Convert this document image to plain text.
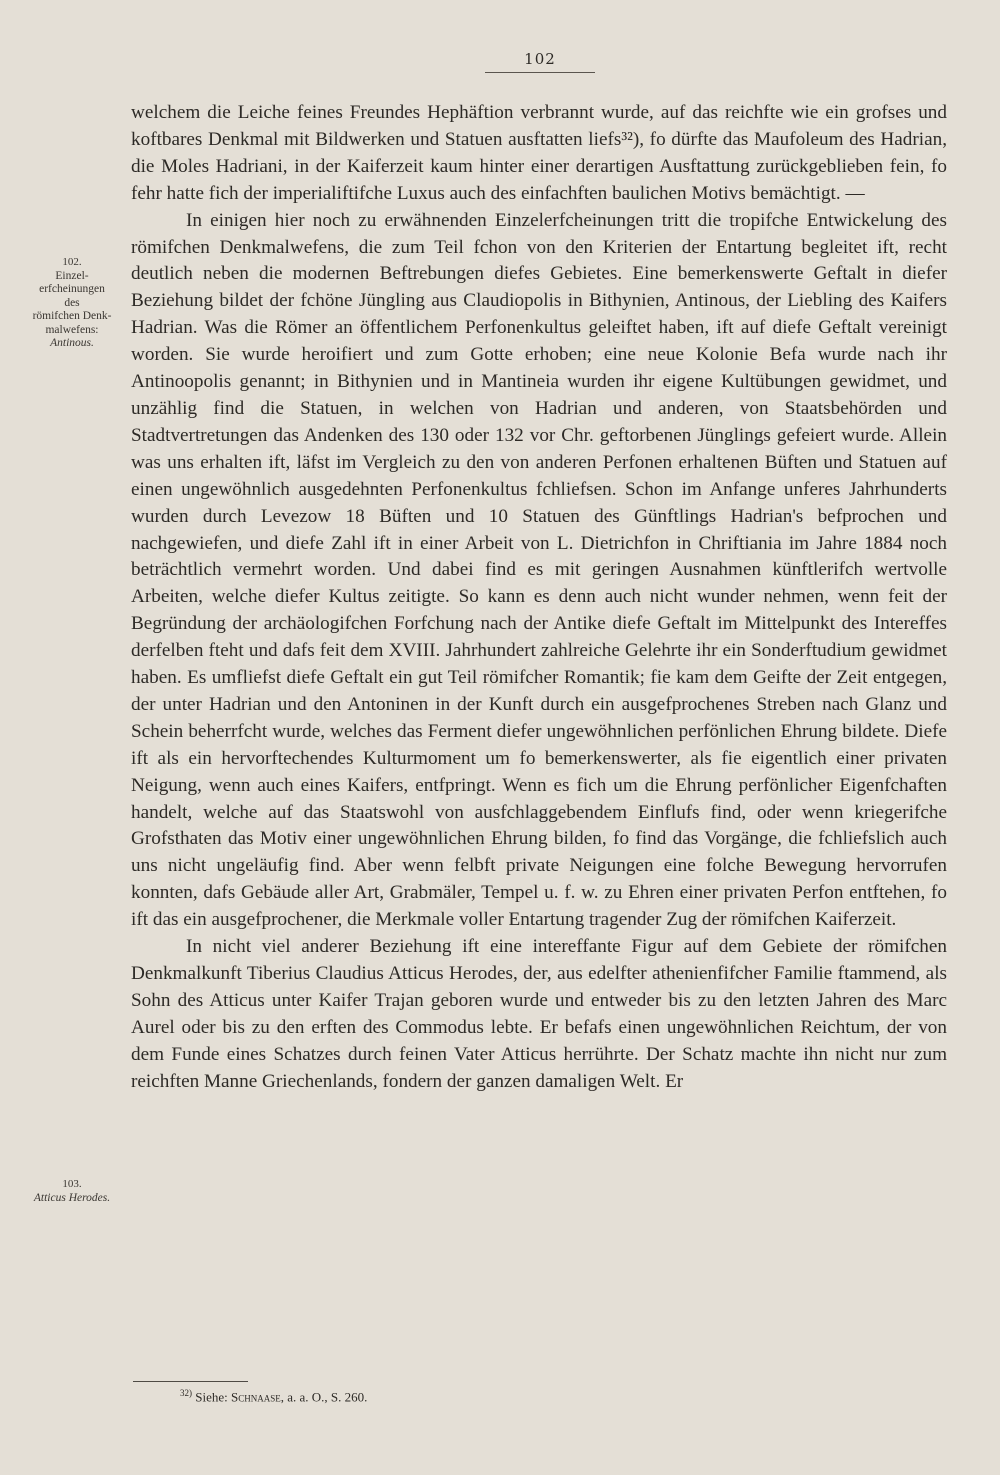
102
102.
Einzel-
erfcheinungen
des
römifchen Denk-
malwefens:
Antinous.
103.
Atticus Herodes.

welchem die Leiche feines Freundes Hephäftion verbrannt wurde, auf das reichfte wie ein grofses und koftbares Denkmal mit Bildwerken und Statuen ausftatten liefs³²), fo dürfte das Maufoleum des Hadrian, die Moles Hadriani, in der Kaiferzeit kaum hinter einer derartigen Ausftattung zurückgeblieben fein, fo fehr hatte fich der imperialiftifche Luxus auch des einfachften baulichen Motivs bemächtigt. —

In einigen hier noch zu erwähnenden Einzelerfcheinungen tritt die tropifche Entwickelung des römifchen Denkmalwefens, die zum Teil fchon von den Kriterien der Entartung begleitet ift, recht deutlich neben die modernen Beftrebungen diefes Gebietes. Eine bemerkenswerte Geftalt in diefer Beziehung bildet der fchöne Jüngling aus Claudiopolis in Bithynien, Antinous, der Liebling des Kaifers Hadrian. Was die Römer an öffentlichem Perfonenkultus geleiftet haben, ift auf diefe Geftalt vereinigt worden. Sie wurde heroifiert und zum Gotte erhoben; eine neue Kolonie Befa wurde nach ihr Antinoopolis genannt; in Bithynien und in Mantineia wurden ihr eigene Kultübungen gewidmet, und unzählig find die Statuen, in welchen von Hadrian und anderen, von Staatsbehörden und Stadtvertretungen das Andenken des 130 oder 132 vor Chr. geftorbenen Jünglings gefeiert wurde. Allein was uns erhalten ift, läfst im Vergleich zu den von anderen Perfonen erhaltenen Büften und Statuen auf einen ungewöhnlich ausgedehnten Perfonenkultus fchliefsen. Schon im Anfange unferes Jahrhunderts wurden durch Levezow 18 Büften und 10 Statuen des Günftlings Hadrian's befprochen und nachgewiefen, und diefe Zahl ift in einer Arbeit von L. Dietrichfon in Chriftiania im Jahre 1884 noch beträchtlich vermehrt worden. Und dabei find es mit geringen Ausnahmen künftlerifch wertvolle Arbeiten, welche diefer Kultus zeitigte. So kann es denn auch nicht wunder nehmen, wenn feit der Begründung der archäologifchen Forfchung nach der Antike diefe Geftalt im Mittelpunkt des Intereffes derfelben fteht und dafs feit dem XVIII. Jahrhundert zahlreiche Gelehrte ihr ein Sonderftudium gewidmet haben. Es umfliefst diefe Geftalt ein gut Teil römifcher Romantik; fie kam dem Geifte der Zeit entgegen, der unter Hadrian und den Antoninen in der Kunft durch ein ausgefprochenes Streben nach Glanz und Schein beherrfcht wurde, welches das Ferment diefer ungewöhnlichen perfönlichen Ehrung bildete. Diefe ift als ein hervorftechendes Kulturmoment um fo bemerkenswerter, als fie eigentlich einer privaten Neigung, wenn auch eines Kaifers, entfpringt. Wenn es fich um die Ehrung perfönlicher Eigenfchaften handelt, welche auf das Staatswohl von ausfchlaggebendem Einflufs find, oder wenn kriegerifche Grofsthaten das Motiv einer ungewöhnlichen Ehrung bilden, fo find das Vorgänge, die fchliefslich auch uns nicht ungeläufig find. Aber wenn felbft private Neigungen eine folche Bewegung hervorrufen konnten, dafs Gebäude aller Art, Grabmäler, Tempel u. f. w. zu Ehren einer privaten Perfon entftehen, fo ift das ein ausgefprochener, die Merkmale voller Entartung tragender Zug der römifchen Kaiferzeit.

In nicht viel anderer Beziehung ift eine intereffante Figur auf dem Gebiete der römifchen Denkmalkunft Tiberius Claudius Atticus Herodes, der, aus edelfter athenienfifcher Familie ftammend, als Sohn des Atticus unter Kaifer Trajan geboren wurde und entweder bis zu den letzten Jahren des Marc Aurel oder bis zu den erften des Commodus lebte. Er befafs einen ungewöhnlichen Reichtum, der von dem Funde eines Schatzes durch feinen Vater Atticus herrührte. Der Schatz machte ihn nicht nur zum reichften Manne Griechenlands, fondern der ganzen damaligen Welt. Er

$^{32)}$ Siehe: Schnaase, a. a. O., S. 260.
